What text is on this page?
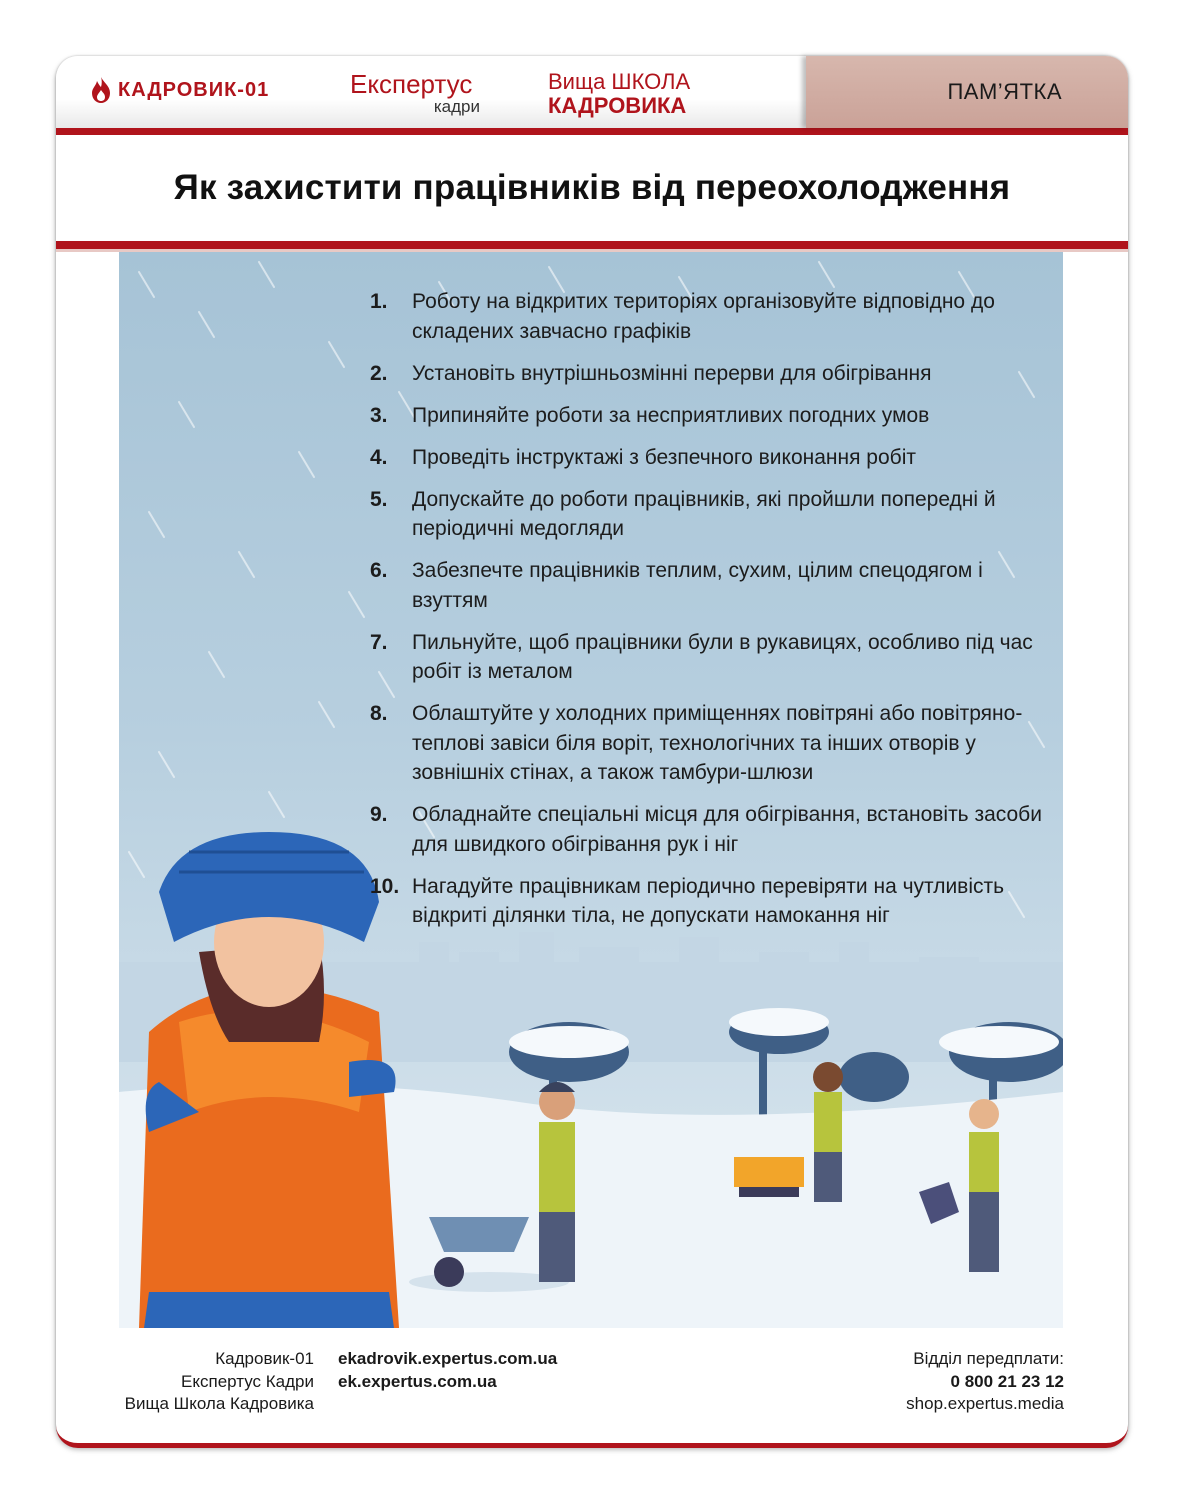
КАДРОВИК-01	Експертус
кадри
Вища ШКОЛА
КАДРОВИКА
ПАМ’ЯТКА
Як захистити працівників від переохолодження
1.	Роботу на відкритих територіях організовуйте відповідно до складених завчасно графіків
2.	Установіть внутрішньозмінні перерви для обігрівання
3.	Припиняйте роботи за несприятливих погодних умов
4.	Проведіть інструктажі з безпечного виконання робіт
5.	Допускайте до роботи працівників, які пройшли попередні й періодичні медогляди
6.	Забезпечте працівників теплим, сухим, цілим спецодягом і взуттям
7.	Пильнуйте, щоб працівники були в рукавицях, особливо під час робіт із металом
8.	Облаштуйте у холодних приміщеннях повітряні або повітряно-теплові завіси біля воріт, технологічних та інших отворів у зовнішніх стінах, а також тамбури-шлюзи
9.	Обладнайте спеціальні місця для обігрівання, встановіть засоби для швидкого обігрівання рук і ніг
10. Нагадуйте працівникам періодично перевіряти на чутливість відкриті ділянки тіла, не допускати намокання ніг
Кадровик-01
Експертус Кадри
Вища Школа Кадровика
ekadrovik.expertus.com.ua
ek.expertus.com.ua
Відділ передплати:
0 800 21 23 12
shop.expertus.media
